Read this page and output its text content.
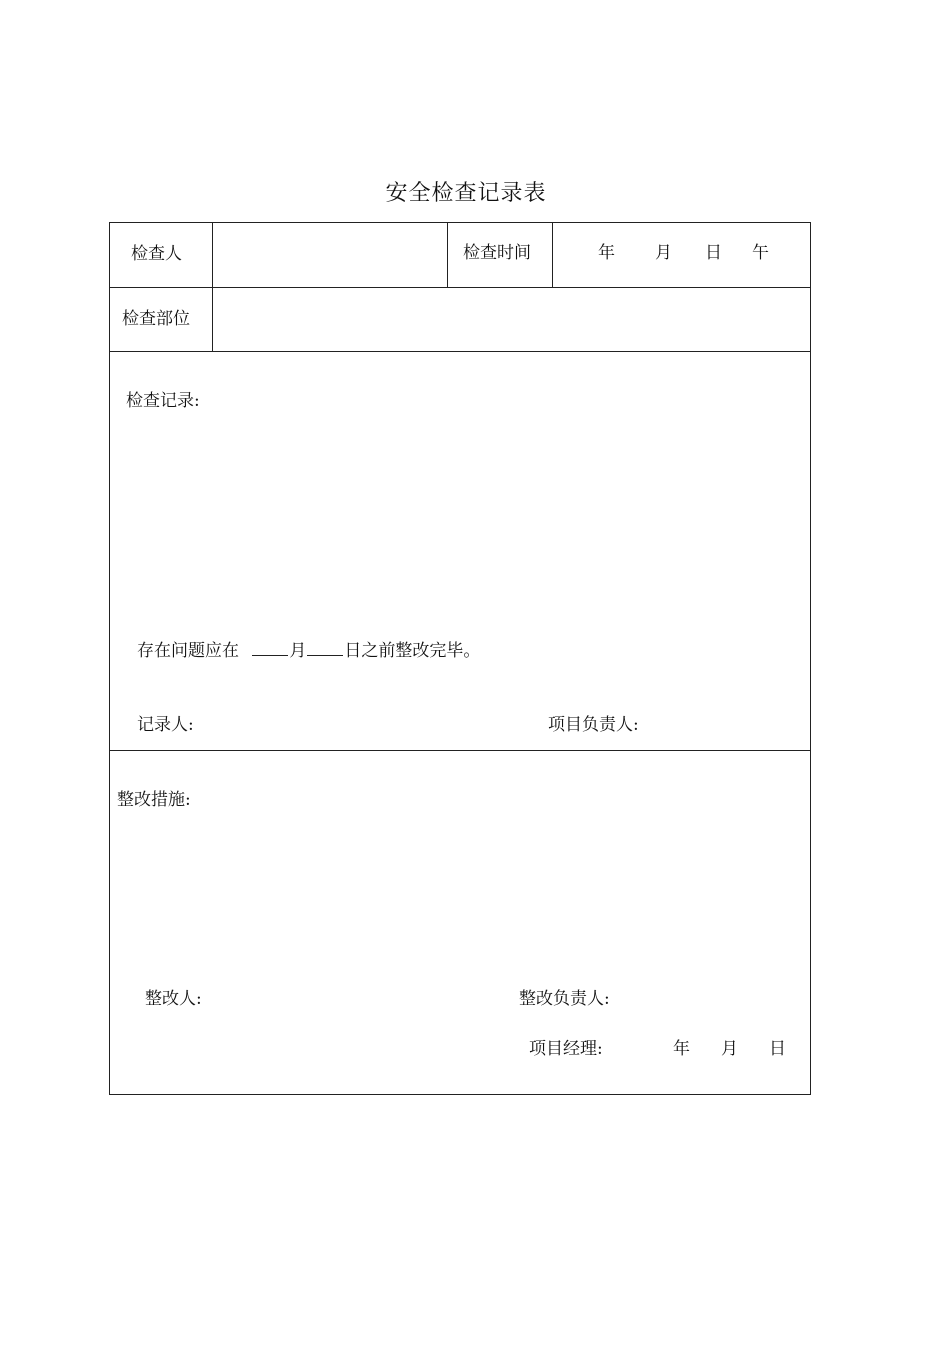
安全检查记录表
检查人	检查时间	年 月 日 午
检查部位
检查记录:
存在问题应在	月 日之前整改完毕。
记录人:	项目负责人:
整改措施:
整改人:	整改负责人:
项目经理:	年 月 日
